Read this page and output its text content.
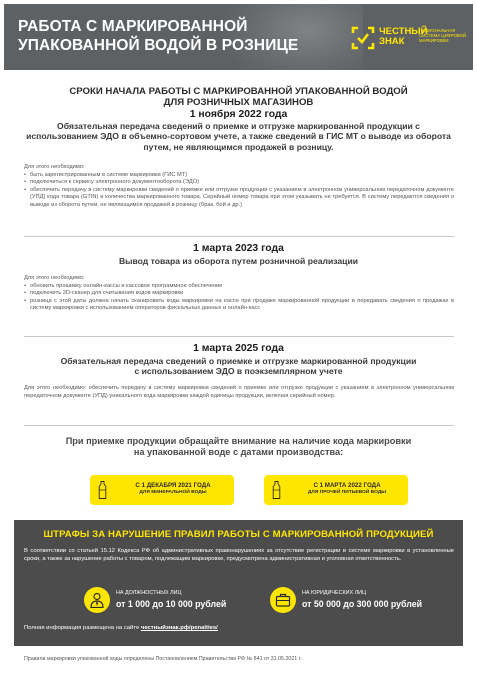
РАБОТА С МАРКИРОВАННОЙ
УПАКОВАННОЙ ВОДОЙ В РОЗНИЦЕ
ЧЕСТНЫЙ
ЗНАК
НАЦИОНАЛЬНАЯ
СИСТЕМА ЦИФРОВОЙ
МАРКИРОВКИ
СРОКИ НАЧАЛА РАБОТЫ С МАРКИРОВАННОЙ УПАКОВАННОЙ ВОДОЙ
ДЛЯ РОЗНИЧНЫХ МАГАЗИНОВ
1 ноября 2022 года
Обязательная передача сведений о приемке и отгрузке маркированной продукции с
использованием ЭДО в объемно-сортовом учете, а также сведений в ГИС МТ о выводе из оборота
путем, не являющимся продажей в розницу.
Для этого необходимо:
• быть зарегистрированным в системе маркировки (ГИС МТ)
• подключиться к сервису электронного документооборота (ЭДО)
• обеспечить передачу в систему маркировки сведений о приемке или отгрузке продукции с указанием в электронном универсальном передаточном документе (УПД) кода товара (GTIN) и количества маркированного товара. Серийный номер товара при этом указывать не требуется. В систему передаются сведения о выводе из оборота путем, не являющимся продажей в розницу (брак, бой и др.)
1 марта 2023 года
Вывод товара из оборота путем розничной реализации
Для этого необходимо:
• обновить прошивку онлайн-кассы и кассовое программное обеспечение
• подключить 2D-сканер для считывания кодов маркировки
• розница с этой даты должна начать сканировать коды маркировки на кассе при продаже маркированной продукции и передавать сведения о продажах в систему маркировки с использованием операторов фискальных данных и онлайн-касс
1 марта 2025 года
Обязательная передача сведений о приемке и отгрузке маркированной продукции
с использованием ЭДО в поэкземплярном учете
Для этого необходимо: обеспечить передачу в систему маркировки сведений о приемке или отгрузке продукции с указанием в электронном универсальном передаточном документе (УПД) уникального кода маркировки каждой единицы продукции, включая серийный номер.
При приемке продукции обращайте внимание на наличие кода маркировки
на упакованной воде с датами производства:
С 1 ДЕКАБРЯ 2021 ГОДА
ДЛЯ МИНЕРАЛЬНОЙ ВОДЫ
С 1 МАРТА 2022 ГОДА
ДЛЯ ПРОЧЕЙ ПИТЬЕВОЙ ВОДЫ
ШТРАФЫ ЗА НАРУШЕНИЕ ПРАВИЛ РАБОТЫ С МАРКИРОВАННОЙ ПРОДУКЦИЕЙ
В соответствии со статьей 15.12 Кодекса РФ об административных правонарушениях за отсутствие регистрации в системе маркировки в установленные сроки, а также за нарушение работы с товаром, подлежащим маркировке, предусмотрена административная и уголовная ответственность.
НА ДОЛЖНОСТНЫХ ЛИЦ
от 1 000 до 10 000 рублей
НА ЮРИДИЧЕСКИХ ЛИЦ
от 50 000 до 300 000 рублей
Полная информация размещена на сайте честныйзнак.рф/penalties/
Правила маркировки упакованной воды определены Постановлением Правительства РФ № 841 от 31.05.2021 г.
